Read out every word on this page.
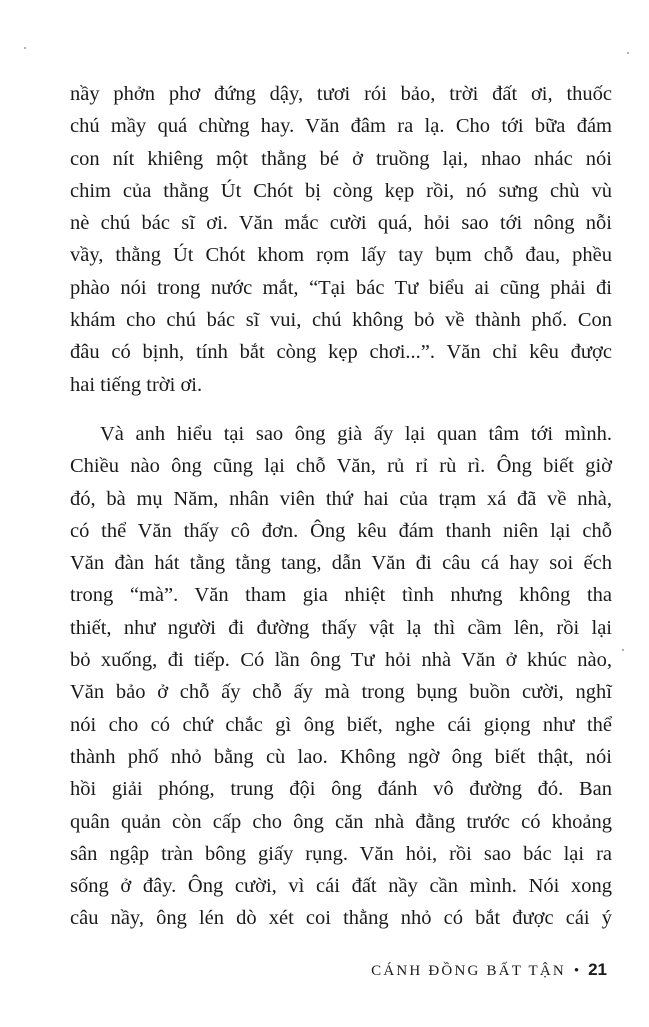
nầy phởn phơ đứng dậy, tươi rói bảo, trời đất ơi, thuốc
chú mầy quá chừng hay. Văn đâm ra lạ. Cho tới bữa đám
con nít khiêng một thằng bé ở truồng lại, nhao nhác nói
chim của thằng Út Chót bị còng kẹp rồi, nó sưng chù vù
nè chú bác sĩ ơi. Văn mắc cười quá, hỏi sao tới nông nỗi
vầy, thằng Út Chót khom rọm lấy tay bụm chỗ đau, phều
phào nói trong nước mắt, “Tại bác Tư biểu ai cũng phải đi
khám cho chú bác sĩ vui, chú không bỏ về thành phố. Con
đâu có bịnh, tính bắt còng kẹp chơi...”. Văn chỉ kêu được
hai tiếng trời ơi.
Và anh hiểu tại sao ông già ấy lại quan tâm tới mình.
Chiều nào ông cũng lại chỗ Văn, rủ rỉ rù rì. Ông biết giờ
đó, bà mụ Năm, nhân viên thứ hai của trạm xá đã về nhà,
có thể Văn thấy cô đơn. Ông kêu đám thanh niên lại chỗ
Văn đàn hát tằng tằng tang, dẫn Văn đi câu cá hay soi ếch
trong “mà”. Văn tham gia nhiệt tình nhưng không tha
thiết, như người đi đường thấy vật lạ thì cầm lên, rồi lại
bỏ xuống, đi tiếp. Có lần ông Tư hỏi nhà Văn ở khúc nào,
Văn bảo ở chỗ ấy chỗ ấy mà trong bụng buồn cười, nghĩ
nói cho có chứ chắc gì ông biết, nghe cái giọng như thể
thành phố nhỏ bằng cù lao. Không ngờ ông biết thật, nói
hồi giải phóng, trung đội ông đánh vô đường đó. Ban
quân quản còn cấp cho ông căn nhà đằng trước có khoảng
sân ngập tràn bông giấy rụng. Văn hỏi, rồi sao bác lại ra
sống ở đây. Ông cười, vì cái đất nầy cần mình. Nói xong
câu nầy, ông lén dò xét coi thằng nhỏ có bắt được cái ý
CÁNH ĐỒNG BẤT TẬN • 21
